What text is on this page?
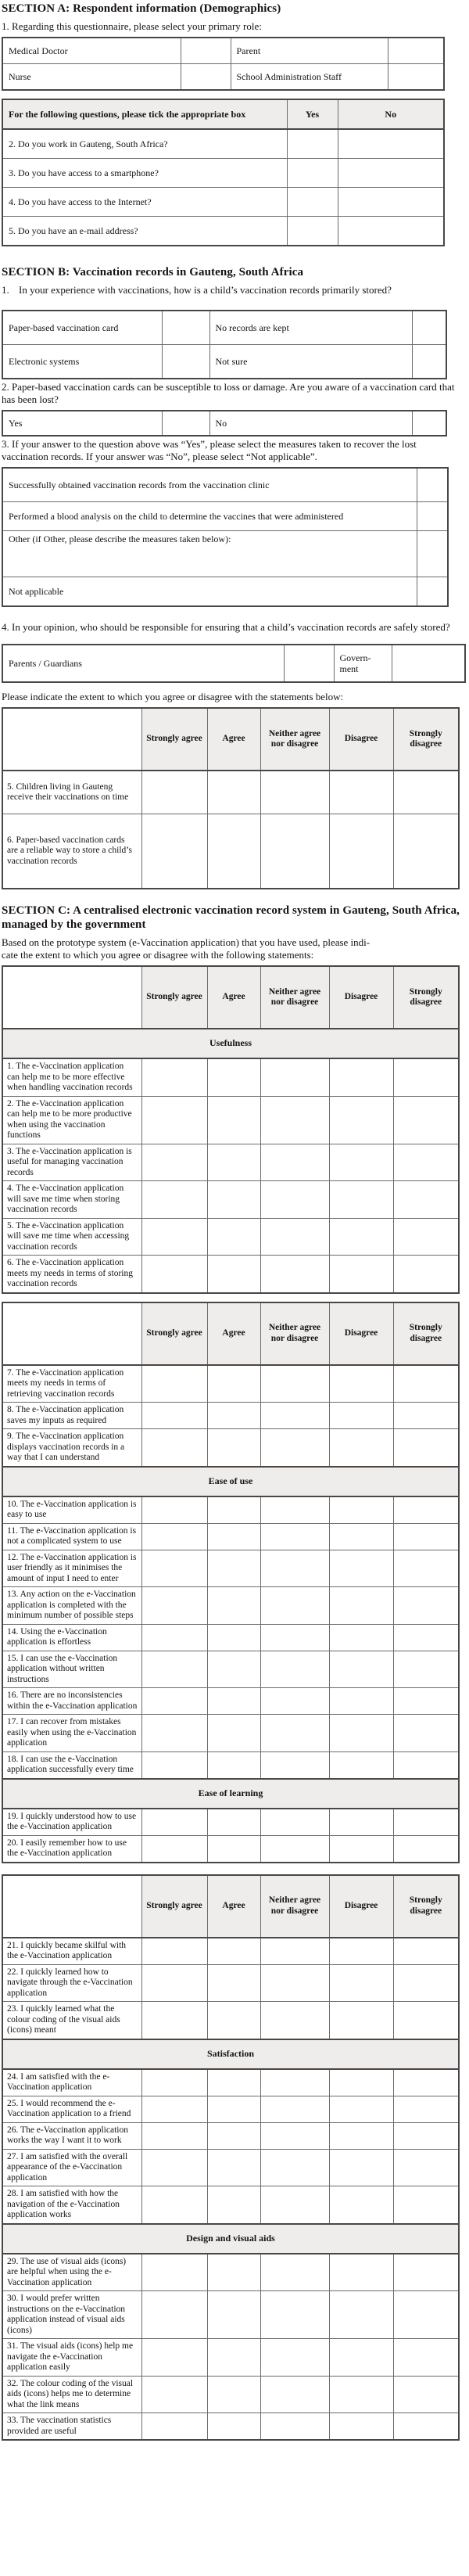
SECTION A: Respondent information (Demographics)
1. Regarding this questionnaire, please select your primary role:
Medical Doctor		Parent	
Nurse		School Administration Staff	
For the following questions, please tick the appropriate box	Yes	No
2. Do you work in Gauteng, South Africa?		
3. Do you have access to a smartphone?		
4. Do you have access to the Internet?		
5. Do you have an e-mail address?		
SECTION B: Vaccination records in Gauteng, South Africa
1. In your experience with vaccinations, how is a child’s vaccination records primarily stored?
Paper-based vaccination card		No records are kept	
Electronic systems		Not sure	
2. Paper-based vaccination cards can be susceptible to loss or damage. Are you aware of a vaccination card that has been lost?
Yes		No	
3. If your answer to the question above was “Yes”, please select the measures taken to recover the lost vaccination records. If your answer was “No”, please select “Not applicable”.
Successfully obtained vaccination records from the vaccination clinic	
Performed a blood analysis on the child to determine the vaccines that were administered	
Other (if Other, please describe the measures taken below):	
Not applicable	
4. In your opinion, who should be responsible for ensuring that a child’s vaccination records are safely stored?
Parents / Guardians		Govern-ment	
Please indicate the extent to which you agree or disagree with the statements below:
	Strongly agree	Agree	Neither agree nor disagree	Disagree	Strongly disagree
5. Children living in Gauteng receive their vaccinations on time					
6. Paper-based vaccination cards are a reliable way to store a child’s vaccination records					
SECTION C: A centralised electronic vaccination record system in Gauteng, South Africa, managed by the government
Based on the prototype system (e-Vaccination application) that you have used, please indi-
cate the extent to which you agree or disagree with the following statements:
	Strongly agree	Agree	Neither agree nor disagree	Disagree	Strongly disagree
Usefulness					
1. The e-Vaccination application can help me to be more effective when handling vaccination records					
2. The e-Vaccination application can help me to be more productive when using the vaccination functions					
3. The e-Vaccination application is useful for managing vaccination records					
4. The e-Vaccination application will save me time when storing vaccination records					
5. The e-Vaccination application will save me time when accessing vaccination records					
6. The e-Vaccination application meets my needs in terms of storing vaccination records					
	Strongly agree	Agree	Neither agree nor disagree	Disagree	Strongly disagree
7. The e-Vaccination application meets my needs in terms of retrieving vaccination records					
8. The e-Vaccination application saves my inputs as required					
9. The e-Vaccination application displays vaccination records in a way that I can understand					
Ease of use					
10. The e-Vaccination application is easy to use					
11. The e-Vaccination application is not a complicated system to use					
12. The e-Vaccination application is user friendly as it minimises the amount of input I need to enter					
13. Any action on the e-Vaccination application is completed with the minimum number of possible steps					
14. Using the e-Vaccination application is effortless					
15. I can use the e-Vaccination application without written instructions					
16. There are no inconsistencies within the e-Vaccination application					
17. I can recover from mistakes easily when using the e-Vaccination application					
18. I can use the e-Vaccination application successfully every time					
Ease of learning					
19. I quickly understood how to use the e-Vaccination application					
20. I easily remember how to use the e-Vaccination application					
	Strongly agree	Agree	Neither agree nor disagree	Disagree	Strongly disagree
21. I quickly became skilful with the e-Vaccination application					
22. I quickly learned how to navigate through the e-Vaccination application					
23. I quickly learned what the colour coding of the visual aids (icons) meant					
Satisfaction					
24. I am satisfied with the e-Vaccination application					
25. I would recommend the e-Vaccination application to a friend					
26. The e-Vaccination application works the way I want it to work					
27. I am satisfied with the overall appearance of the e-Vaccination application					
28. I am satisfied with how the navigation of the e-Vaccination application works					
Design and visual aids					
29. The use of visual aids (icons) are helpful when using the e-Vaccination application					
30. I would prefer written instructions on the e-Vaccination application instead of visual aids (icons)					
31. The visual aids (icons) help me navigate the e-Vaccination application easily					
32. The colour coding of the visual aids (icons) helps me to determine what the link means					
33. The vaccination statistics provided are useful					
